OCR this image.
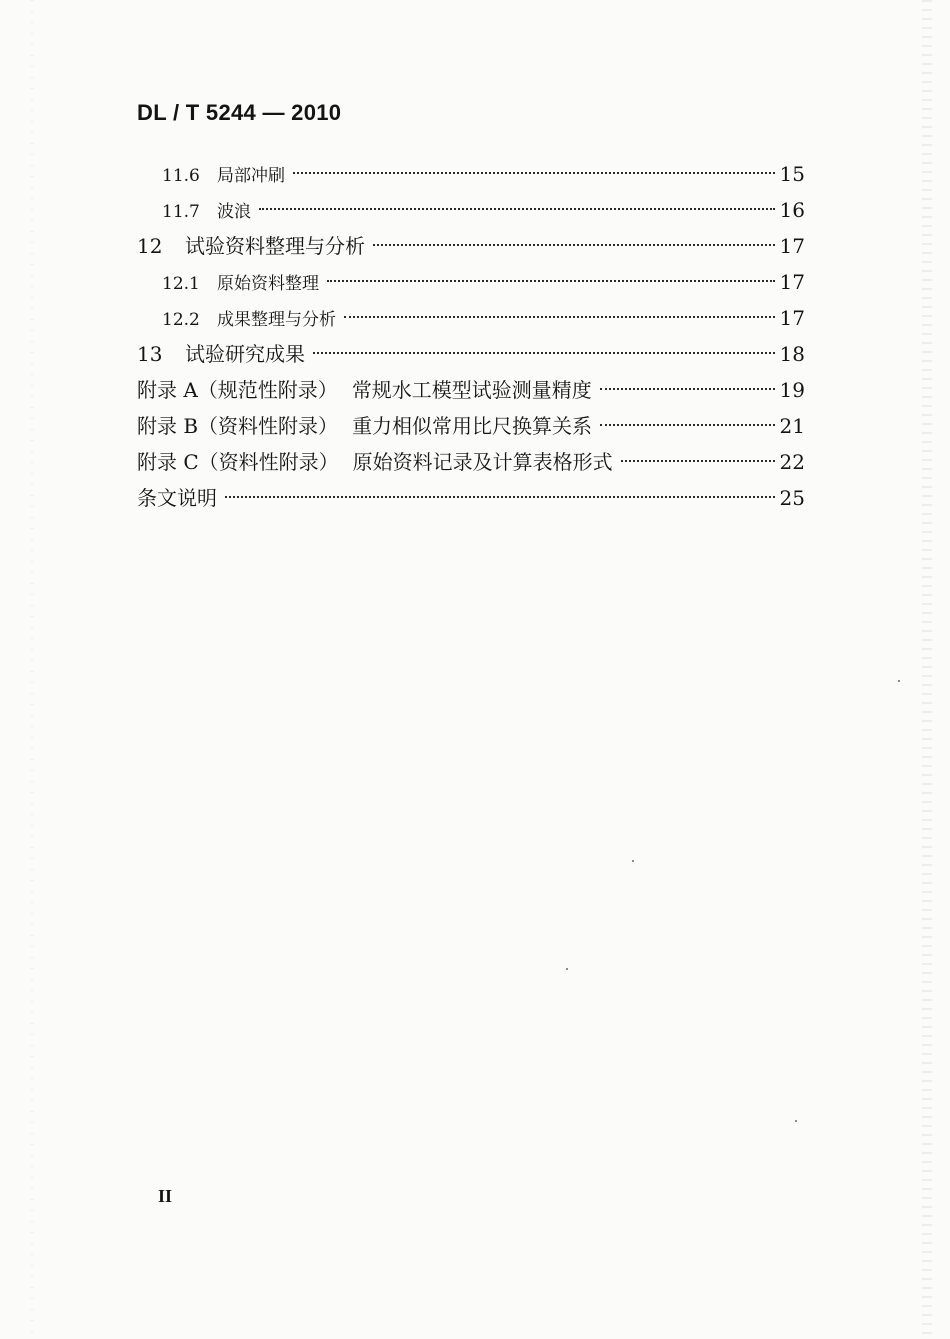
DL / T 5244 — 2010
11.6	局部冲刷	15
11.7	波浪	16
12	试验资料整理与分析	17
12.1	原始资料整理	17
12.2	成果整理与分析	17
13	试验研究成果	18
附录 A（规范性附录） 常规水工模型试验测量精度	19
附录 B（资料性附录） 重力相似常用比尺换算关系	21
附录 C（资料性附录） 原始资料记录及计算表格形式	22
条文说明	25
II
